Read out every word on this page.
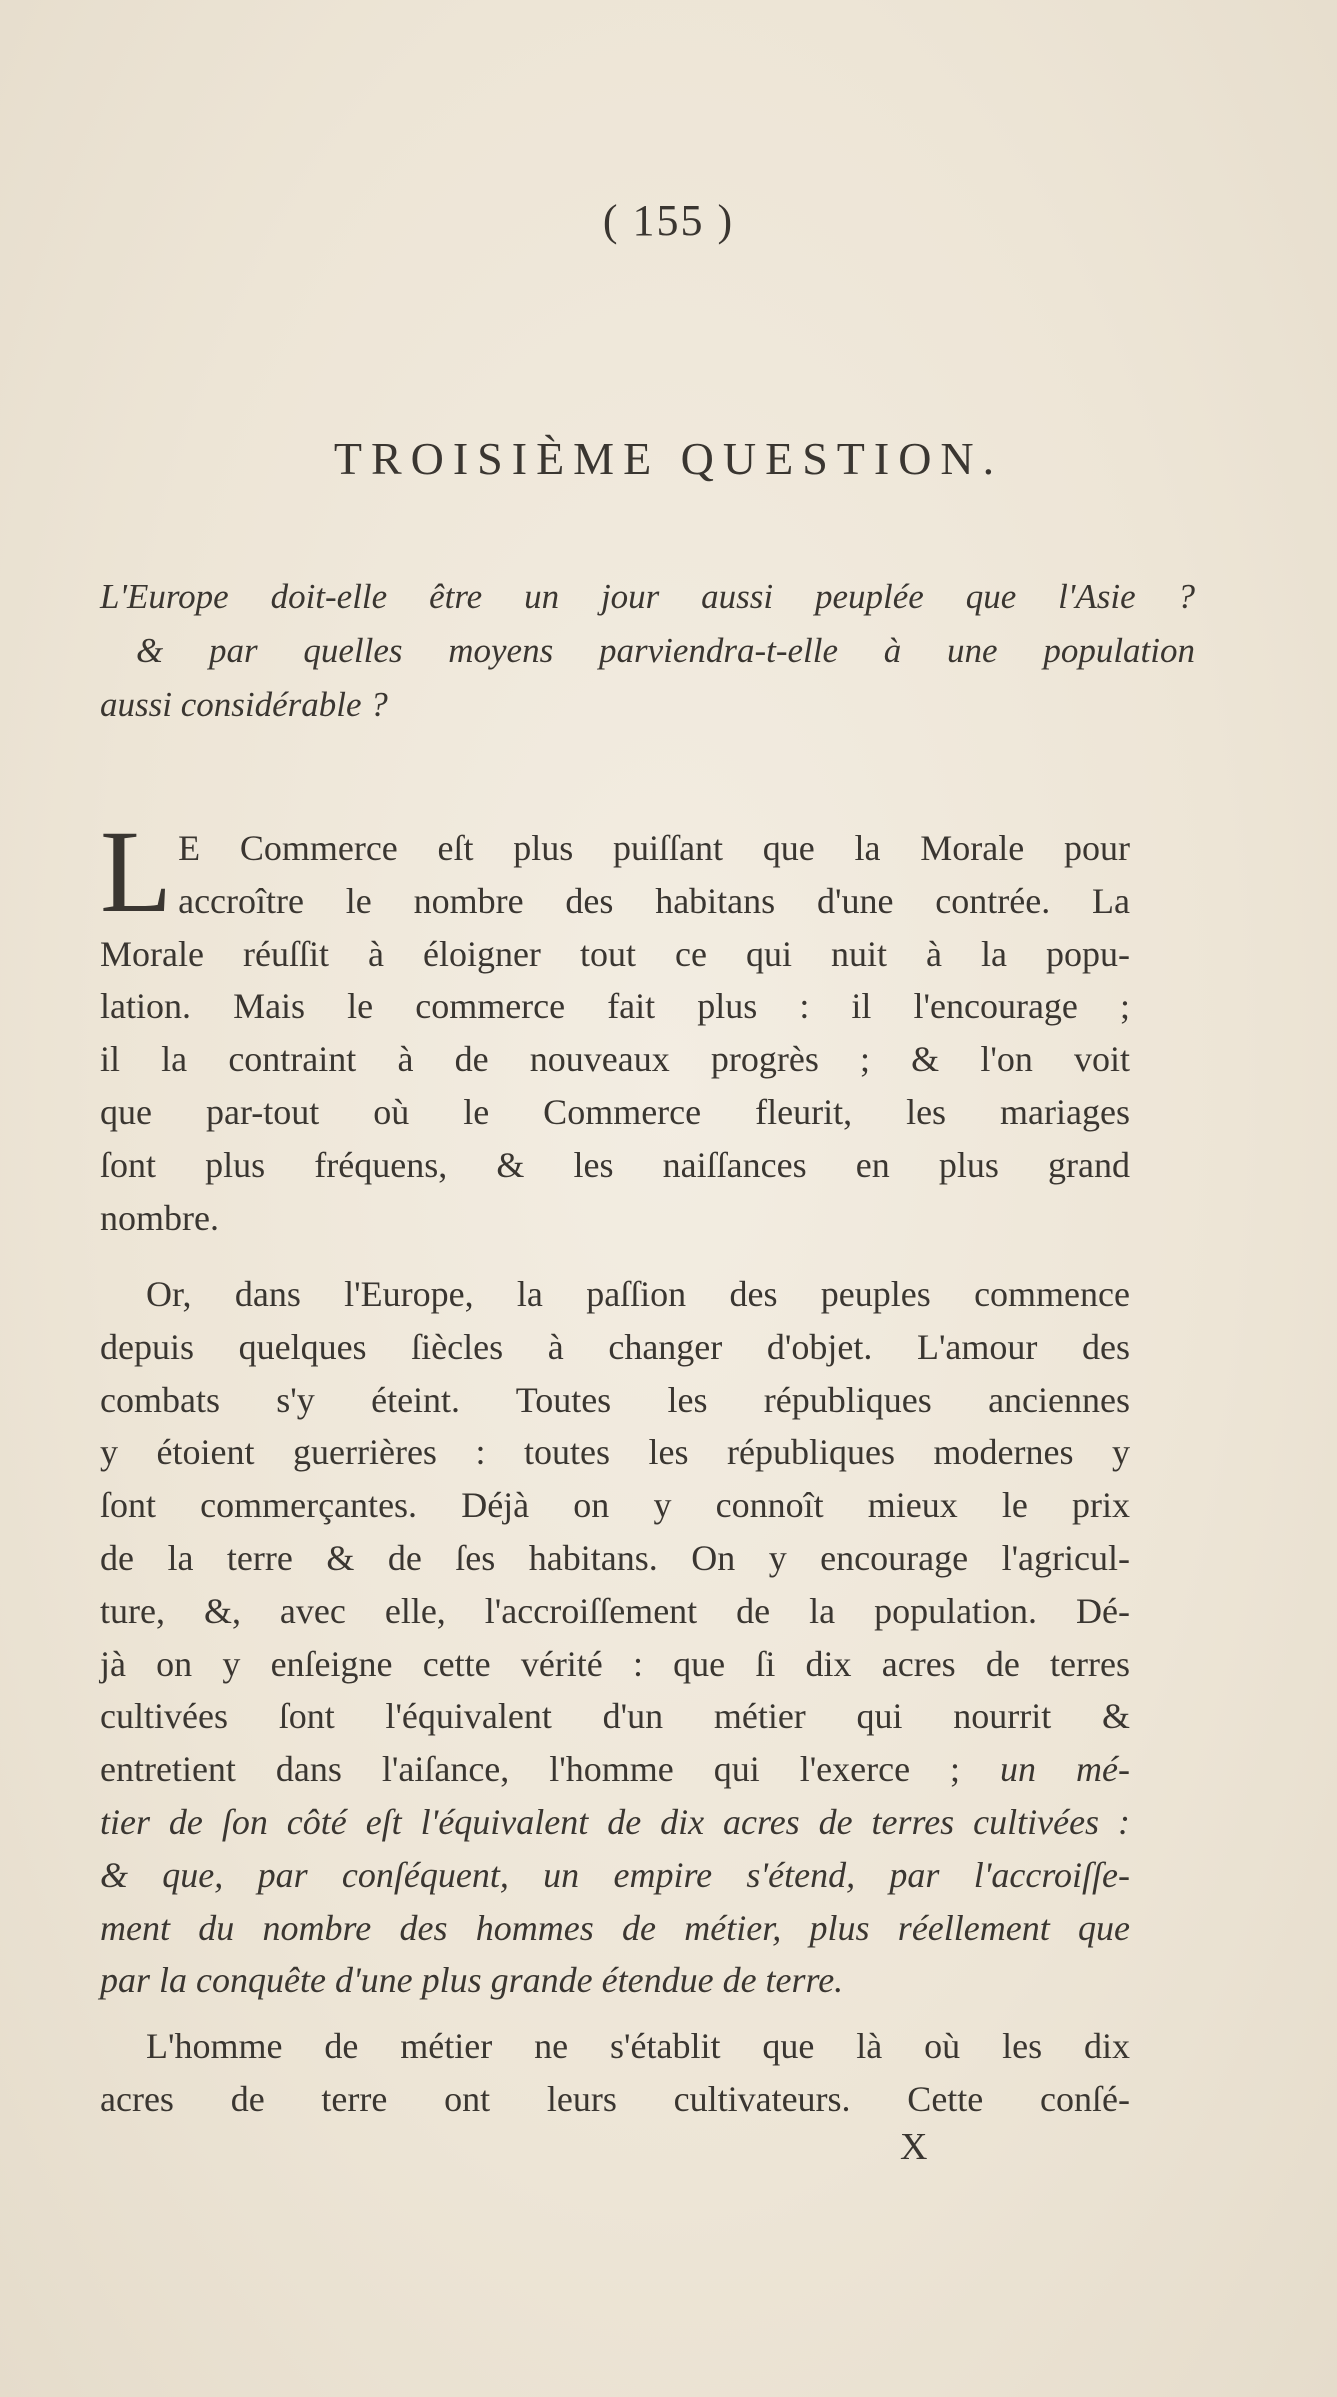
( 155 )
TROISIÈME QUESTION.
L'Europe doit-elle être un jour aussi peuplée que l'Asie ?
& par quelles moyens parviendra-t-elle à une population
aussi considérable ?
L E Commerce eſt plus puiſſant que la Morale pour
accroître le nombre des habitans d'une contrée. La
Morale réuſſit à éloigner tout ce qui nuit à la popu-
lation. Mais le commerce fait plus : il l'encourage ;
il la contraint à de nouveaux progrès ; & l'on voit
que par-tout où le Commerce fleurit, les mariages
ſont plus fréquens, & les naiſſances en plus grand
nombre.
Or, dans l'Europe, la paſſion des peuples commence
depuis quelques ſiècles à changer d'objet. L'amour des
combats s'y éteint. Toutes les républiques anciennes
y étoient guerrières : toutes les républiques modernes y
ſont commerçantes. Déjà on y connoît mieux le prix
de la terre & de ſes habitans. On y encourage l'agricul-
ture, &, avec elle, l'accroiſſement de la population. Dé-
jà on y enſeigne cette vérité : que ſi dix acres de terres
cultivées ſont l'équivalent d'un métier qui nourrit &
entretient dans l'aiſance, l'homme qui l'exerce ; un mé-
tier de ſon côté eſt l'équivalent de dix acres de terres cultivées :
& que, par conſéquent, un empire s'étend, par l'accroiſſe-
ment du nombre des hommes de métier, plus réellement que
par la conquête d'une plus grande étendue de terre.
L'homme de métier ne s'établit que là où les dix
acres de terre ont leurs cultivateurs. Cette conſé-
X
